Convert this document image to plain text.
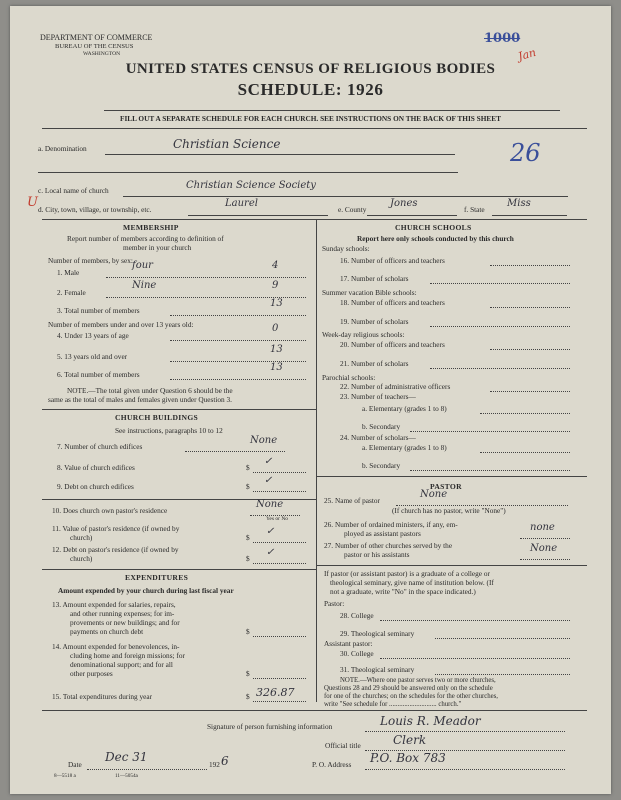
DEPARTMENT OF COMMERCE
BUREAU OF THE CENSUS
WASHINGTON
UNITED STATES CENSUS OF RELIGIOUS BODIES
SCHEDULE: 1926
1000
Jan
FILL OUT A SEPARATE SCHEDULE FOR EACH CHURCH. SEE INSTRUCTIONS ON THE BACK OF THIS SHEET
a. Denomination	Christian Science	26
c. Local name of church	Christian Science Society
U d. City, town, village, or township, etc.
Laurel
e. County
Jones
f. State
Miss
MEMBERSHIP
Report number of members according to definition of
member in your church
Number of members, by sex:
1. Male
four	4
2. Female
Nine	9
3. Total number of members
13
Number of members under and over 13 years old:
4. Under 13 years of age
0
5. 13 years old and over
13
6. Total number of members
13
NOTE.—The total given under Question 6 should be the
same as the total of males and females given under Question 3.
CHURCH BUILDINGS
See instructions, paragraphs 10 to 12
7. Number of church edifices
None
8. Value of church edifices	$
✓
9. Debt on church edifices	$
✓
10. Does church own pastor's residence
None
Yes or No
11. Value of pastor's residence (if owned by
church)	$
✓
12. Debt on pastor's residence (if owned by
church)	$
✓
EXPENDITURES
Amount expended by your church during last fiscal year
13. Amount expended for salaries, repairs,
and other running expenses; for im-
provements or new buildings; and for
payments on church debt	$
14. Amount expended for benevolences, in-
cluding home and foreign missions; for
denominational support; and for all
other purposes	$
15. Total expenditures during year	$ 326.87
CHURCH SCHOOLS
Report here only schools conducted by this church
Sunday schools:
16. Number of officers and teachers
17. Number of scholars
Summer vacation Bible schools:
18. Number of officers and teachers
19. Number of scholars
Week-day religious schools:
20. Number of officers and teachers
21. Number of scholars
Parochial schools:
22. Number of administrative officers
23. Number of teachers—
a. Elementary (grades 1 to 8)
b. Secondary
24. Number of scholars—
a. Elementary (grades 1 to 8)
b. Secondary
PASTOR
25. Name of pastor
None
(If church has no pastor, write "None")
26. Number of ordained ministers, if any, em-
ployed as assistant pastors
none
27. Number of other churches served by the
pastor or his assistants
None
If pastor (or assistant pastor) is a graduate of a college or
theological seminary, give name of institution below. (If
not a graduate, write "No" in the space indicated.)
Pastor:
28. College
29. Theological seminary
Assistant pastor:
30. College
31. Theological seminary
NOTE.—Where one pastor serves two or more churches,
Questions 28 and 29 should be answered only on the schedule
for one of the churches; on the schedules for the other churches,
write "See schedule for ............................ church."
Signature of person furnishing information	Louis R. Meador
Official title	Clerk
Date
Dec 31
192 6	P. O. Address P.O. Box 783
8—5518 a	11—5054a
